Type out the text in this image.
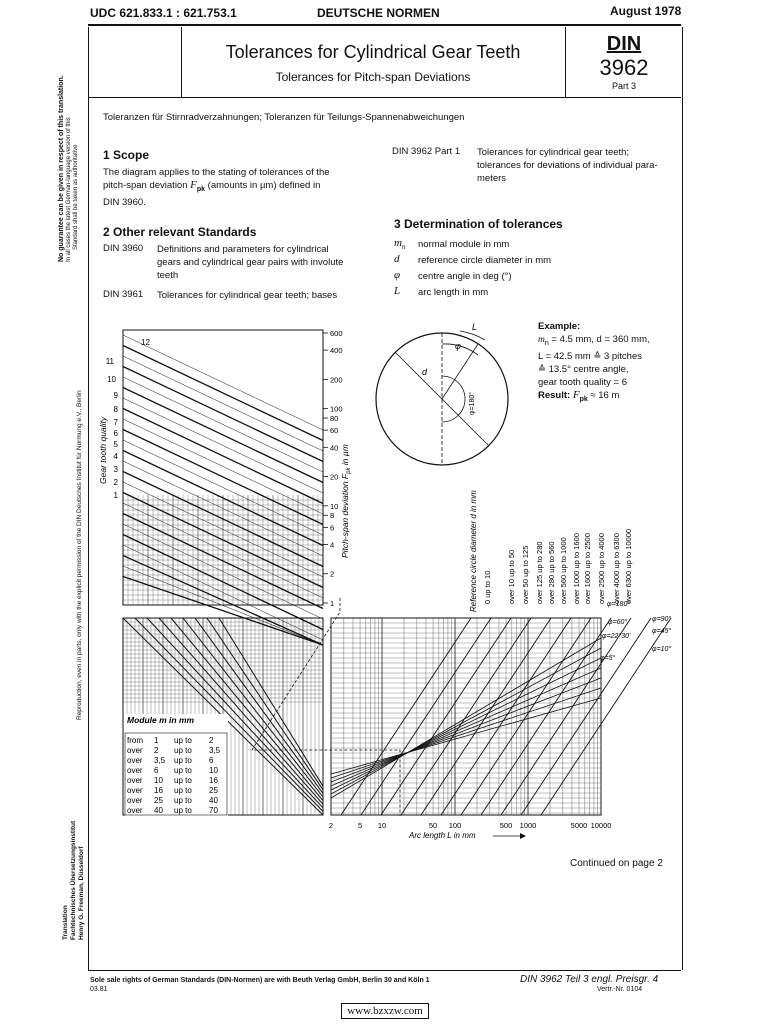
UDC 621.833.1 : 621.753.1	DEUTSCHE NORMEN	August 1978
Tolerances for Cylindrical Gear Teeth
Tolerances for Pitch-span Deviations
DIN
3962
Part 3
No guarantee can be given in respect of this translation. In all cases the latest German-language version of this Standard shall be taken as authoritative
Reproduction, even in parts, only with the explicit permission of the DIN Deutsches Institut für Normung e.V., Berlin
Translation Fachtechnisches Übersetzungsinstitut Henry G. Freeman, Düsseldorf
Toleranzen für Stirnradverzahnungen; Toleranzen für Teilungs-Spannenabweichungen
1 Scope
The diagram applies to the stating of tolerances of the
pitch-span deviation $F_{pk}$ (amounts in µm) defined in
DIN 3960.
2 Other relevant Standards
DIN 3960 Definitions and parameters for cylindrical
gears and cylindrical gear pairs with involute
teeth
DIN 3961 Tolerances for cylindrical gear teeth; bases
DIN 3962 Part 1 Tolerances for cylindrical gear teeth;
tolerances for deviations of individual para-
meters
3 Determination of tolerances
$m_n$ normal module in mm
d reference circle diameter in mm
φ centre angle in deg (°)
L arc length in mm
Example:
$m_n = 4.5$ mm, d = 360 mm,
L = 42.5 mm ≙ 3 pitches
≙ 13.5° centre angle,
gear tooth quality = 6
Result: $F_{pk} \approx 16$ m
L
φ
d
φ=180°
Gear tooth quality
Pitch-span deviation $F_{pk}$ in µm
Reference circle diameter d in mm
Arc length L in mm
1
2
3
4
5
6
7
8
9
10
11
12
1
2
4
6
8
10
20
40
60
80
100
200
400
600
2	5 10	50 100	500 1000	5000 10000
0 up to 10 over 10 up to 50 over 50 up to 125 over 125 up to 280 over 280 up to 560 over 560 up to 1000 over 1000 up to 1600 over 1600 up to 2500 over 2500 up to 4000 over 4000 up to 6300 over 6300 up to 10000
φ=180°
φ=90°
φ=60°
φ=45°
φ=22°30'
φ=10°
φ=5°
Module m in mm
from 1 up to 2
over 2 up to 3,5
over 3,5 up to 6
over 6 up to 10
over 10 up to 16
over 16 up to 25
over 25 up to 40
over 40 up to 70
Continued on page 2
Sole sale rights of German Standards (DIN-Normen) are with Beuth Verlag GmbH, Berlin 30 and Köln 1
03.81
DIN 3962 Teil 3 engl. Preisgr. 4
Vertr.-Nr. 0104
www.bzxzw.com
